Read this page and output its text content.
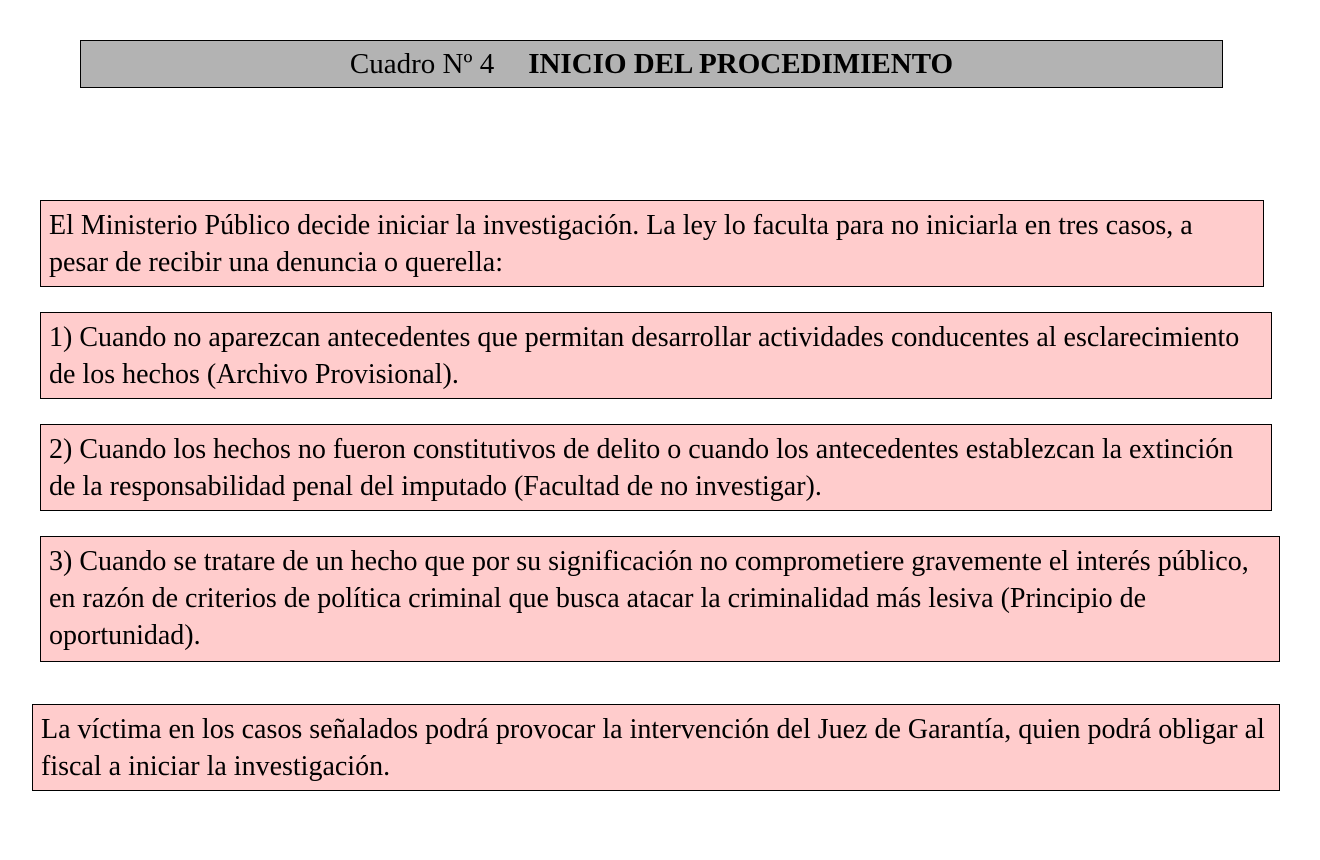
Cuadro Nº 4 INICIO DEL PROCEDIMIENTO
El Ministerio Público decide iniciar la investigación. La ley lo faculta para no iniciarla en tres casos, a pesar de recibir una denuncia o querella:
1) Cuando no aparezcan antecedentes que permitan desarrollar actividades conducentes al esclarecimiento de los hechos (Archivo Provisional).
2) Cuando los hechos no fueron constitutivos de delito o cuando los antecedentes establezcan la extinción de la responsabilidad penal del imputado (Facultad de no investigar).
3) Cuando se tratare de un hecho que por su significación no comprometiere gravemente el interés público, en razón de criterios de política criminal que busca atacar la criminalidad más lesiva (Principio de oportunidad).
La víctima en los casos señalados podrá provocar la intervención del Juez de Garantía, quien podrá obligar al fiscal a iniciar la investigación.
